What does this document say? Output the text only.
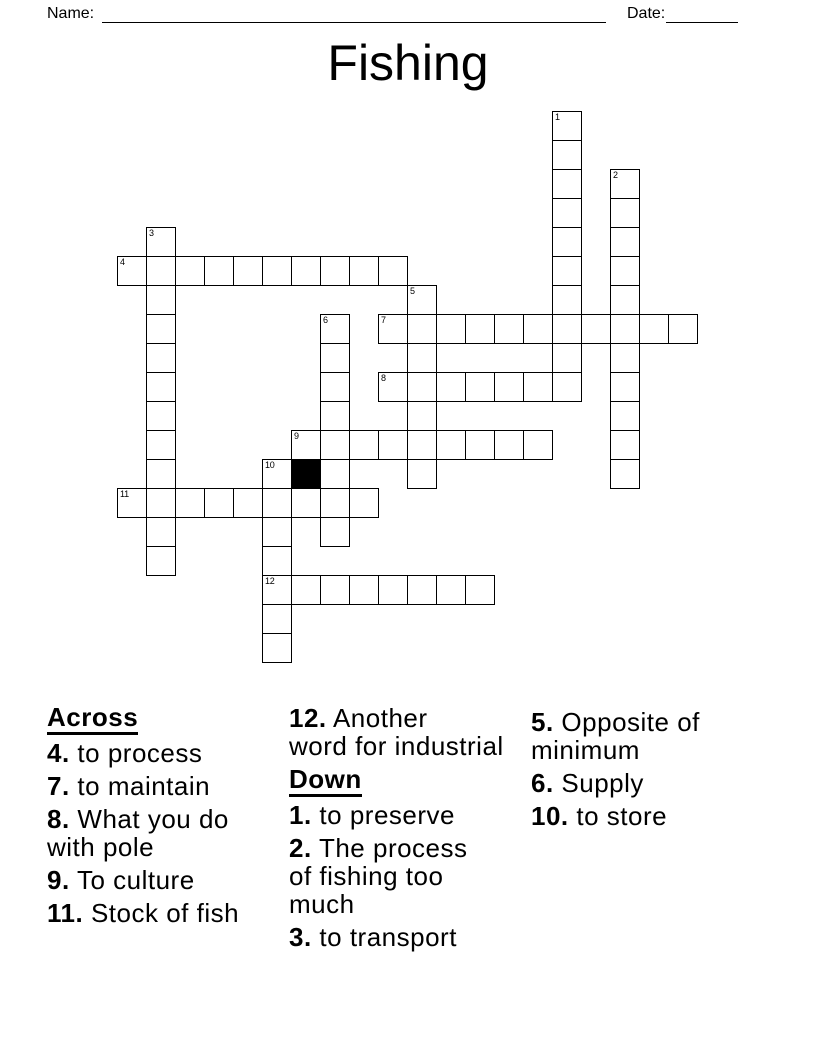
Name:	Date:
Fishing
4
7
8
9
11
12
1
2
3
5
6
10
Across
4. to process
7. to maintain
8. What you do
with pole
9. To culture
11. Stock of fish
12. Another
word for industrial
Down
1. to preserve
2. The process
of fishing too
much
3. to transport
5. Opposite of
minimum
6. Supply
10. to store
